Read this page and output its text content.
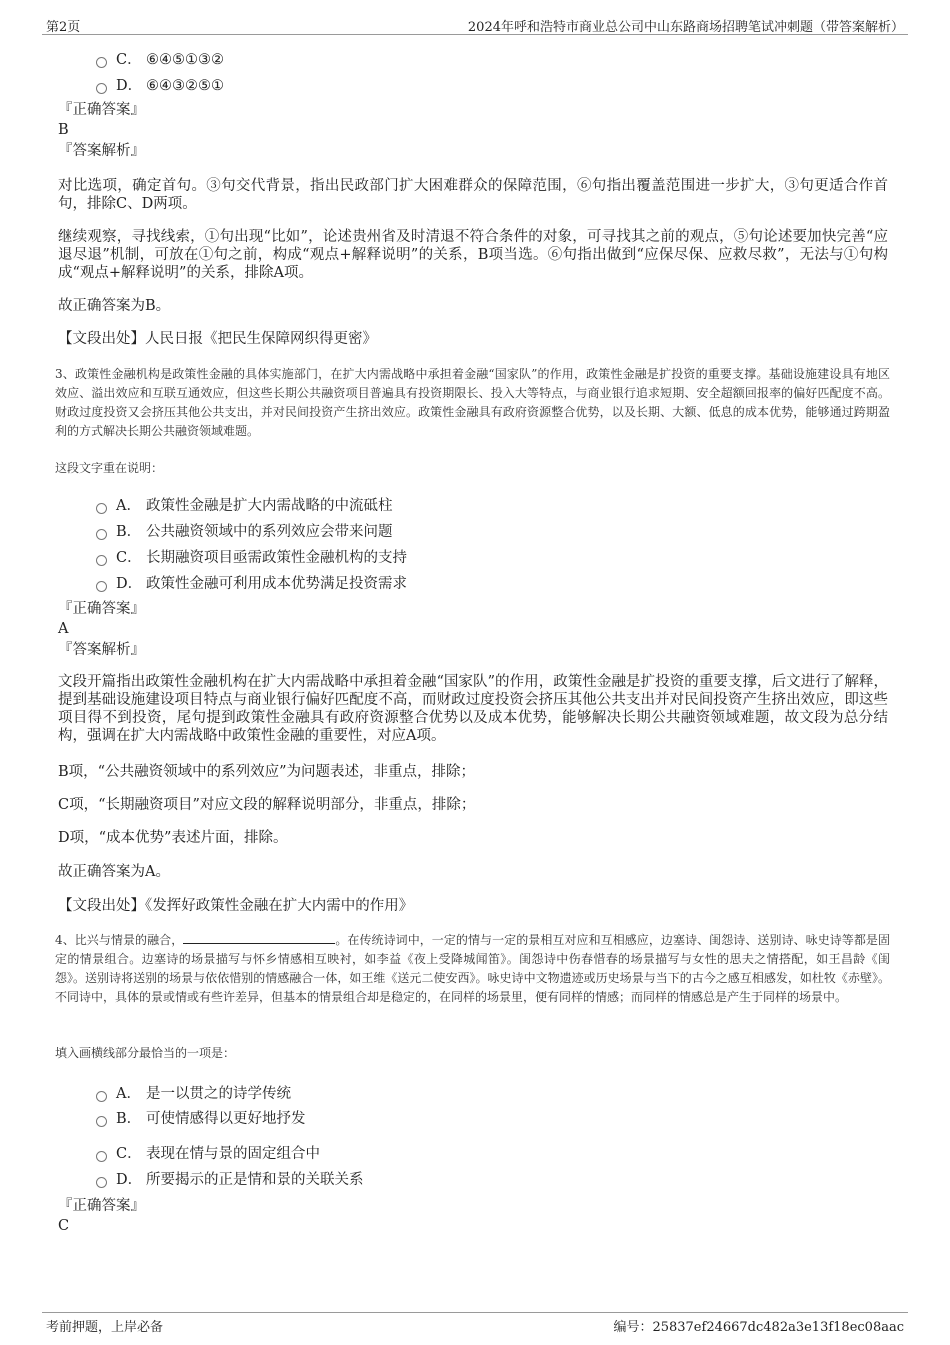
第2页	2024年呼和浩特市商业总公司中山东路商场招聘笔试冲刺题（带答案解析）
C． ⑥④⑤①③②
D． ⑥④③②⑤①
『正确答案』
B
『答案解析』
对比选项，确定首句。③句交代背景，指出民政部门扩大困难群众的保障范围，⑥句指出覆盖范围进一步扩大，③句更适合作首句，排除C、D两项。
继续观察，寻找线索，①句出现“比如”，论述贵州省及时清退不符合条件的对象，可寻找其之前的观点，⑤句论述要加快完善“应退尽退”机制，可放在①句之前，构成“观点+解释说明”的关系，B项当选。⑥句指出做到“应保尽保、应救尽救”，无法与①句构成“观点+解释说明”的关系，排除A项。
故正确答案为B。
【文段出处】人民日报《把民生保障网织得更密》
3、政策性金融机构是政策性金融的具体实施部门，在扩大内需战略中承担着金融“国家队”的作用，政策性金融是扩投资的重要支撑。基础设施建设具有地区效应、溢出效应和互联互通效应，但这些长期公共融资项目普遍具有投资期限长、投入大等特点，与商业银行追求短期、安全超额回报率的偏好匹配度不高。财政过度投资又会挤压其他公共支出，并对民间投资产生挤出效应。政策性金融具有政府资源整合优势，以及长期、大额、低息的成本优势，能够通过跨期盈利的方式解决长期公共融资领域难题。
这段文字重在说明：
A． 政策性金融是扩大内需战略的中流砥柱
B． 公共融资领域中的系列效应会带来问题
C． 长期融资项目亟需政策性金融机构的支持
D． 政策性金融可利用成本优势满足投资需求
『正确答案』
A
『答案解析』
文段开篇指出政策性金融机构在扩大内需战略中承担着金融“国家队”的作用，政策性金融是扩投资的重要支撑，后文进行了解释，提到基础设施建设项目特点与商业银行偏好匹配度不高，而财政过度投资会挤压其他公共支出并对民间投资产生挤出效应，即这些项目得不到投资，尾句提到政策性金融具有政府资源整合优势以及成本优势，能够解决长期公共融资领域难题，故文段为总分结构，强调在扩大内需战略中政策性金融的重要性，对应A项。
B项，“公共融资领域中的系列效应”为问题表述，非重点，排除；
C项，“长期融资项目”对应文段的解释说明部分，非重点，排除；
D项，“成本优势”表述片面，排除。
故正确答案为A。
【文段出处】《发挥好政策性金融在扩大内需中的作用》
4、比兴与情景的融合，	。在传统诗词中，一定的情与一定的景相互对应和互相感应，边塞诗、闺怨诗、送别诗、咏史诗等都是固定的情景组合。边塞诗的场景描写与怀乡情感相互映衬，如李益《夜上受降城闻笛》。闺怨诗中伤春惜春的场景描写与女性的思夫之情搭配，如王昌龄《闺怨》。送别诗将送别的场景与依依惜别的情感融合一体，如王维《送元二使安西》。咏史诗中文物遗迹或历史场景与当下的古今之感互相感发，如杜牧《赤壁》。不同诗中，具体的景或情或有些许差异，但基本的情景组合却是稳定的，在同样的场景里，便有同样的情感；而同样的情感总是产生于同样的场景中。
填入画横线部分最恰当的一项是：
A． 是一以贯之的诗学传统
B． 可使情感得以更好地抒发
C． 表现在情与景的固定组合中
D． 所要揭示的正是情和景的关联关系
『正确答案』
C
考前押题，上岸必备	编号：25837ef24667dc482a3e13f18ec08aac
